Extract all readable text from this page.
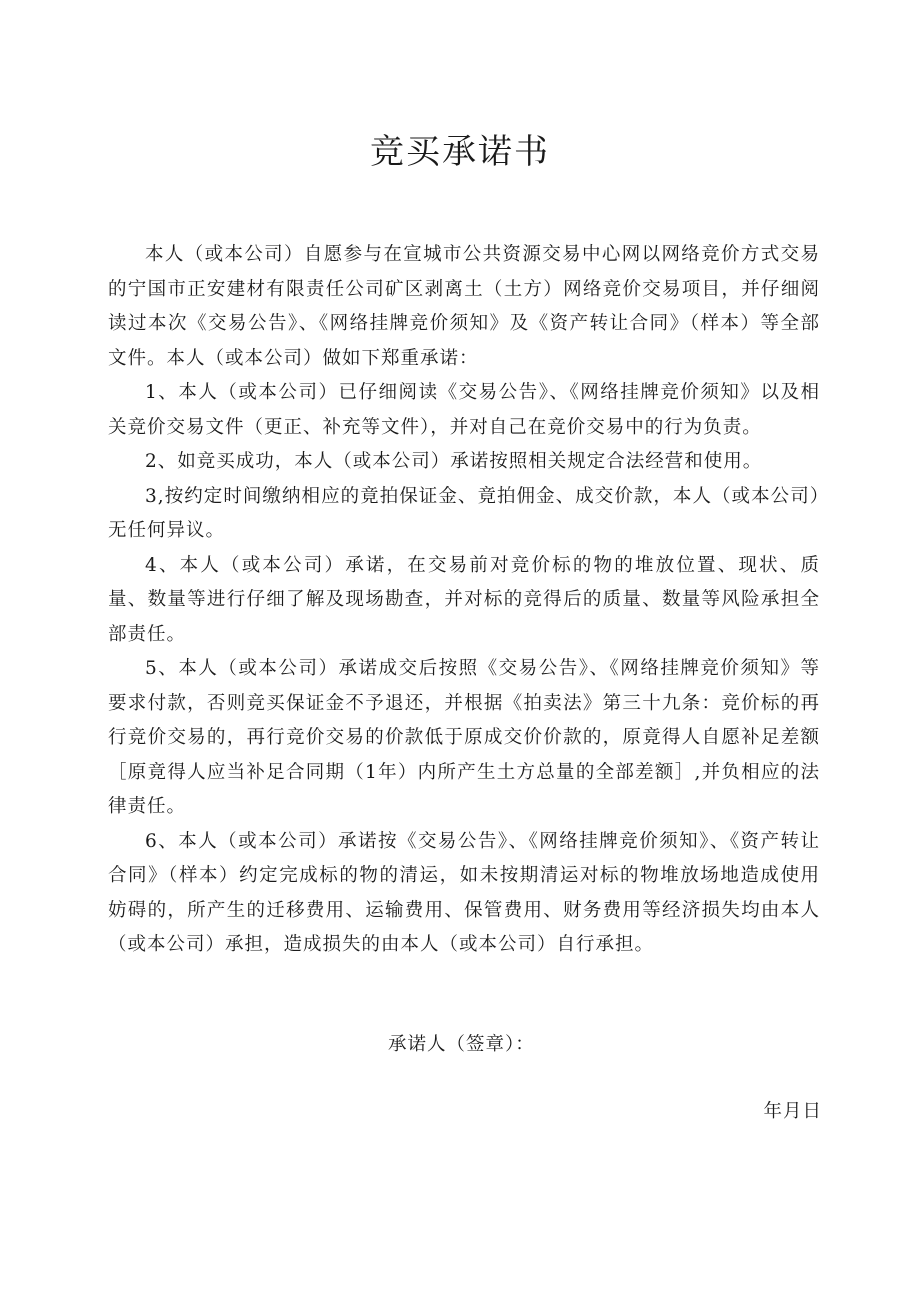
竞买承诺书

本人（或本公司）自愿参与在宣城市公共资源交易中心网以网络竞价方式交易的宁国市正安建材有限责任公司矿区剥离土（土方）网络竞价交易项目，并仔细阅读过本次《交易公告》、《网络挂牌竞价须知》及《资产转让合同》（样本）等全部文件。本人（或本公司）做如下郑重承诺：

1、本人（或本公司）已仔细阅读《交易公告》、《网络挂牌竞价须知》以及相关竞价交易文件（更正、补充等文件），并对自己在竞价交易中的行为负责。

2、如竞买成功，本人（或本公司）承诺按照相关规定合法经营和使用。

3,按约定时间缴纳相应的竟拍保证金、竟拍佣金、成交价款，本人（或本公司）无任何异议。

4、本人（或本公司）承诺，在交易前对竞价标的物的堆放位置、现状、质量、数量等进行仔细了解及现场勘查，并对标的竞得后的质量、数量等风险承担全部责任。

5、本人（或本公司）承诺成交后按照《交易公告》、《网络挂牌竞价须知》等要求付款，否则竞买保证金不予退还，并根据《拍卖法》第三十九条：竞价标的再行竞价交易的，再行竞价交易的价款低于原成交价价款的，原竟得人自愿补足差额［原竟得人应当补足合同期（1年）内所产生土方总量的全部差额］,并负相应的法律责任。

6、本人（或本公司）承诺按《交易公告》、《网络挂牌竞价须知》、《资产转让合同》（样本）约定完成标的物的清运，如未按期清运对标的物堆放场地造成使用妨碍的，所产生的迁移费用、运输费用、保管费用、财务费用等经济损失均由本人（或本公司）承担，造成损失的由本人（或本公司）自行承担。

承诺人（签章）：
年月日
